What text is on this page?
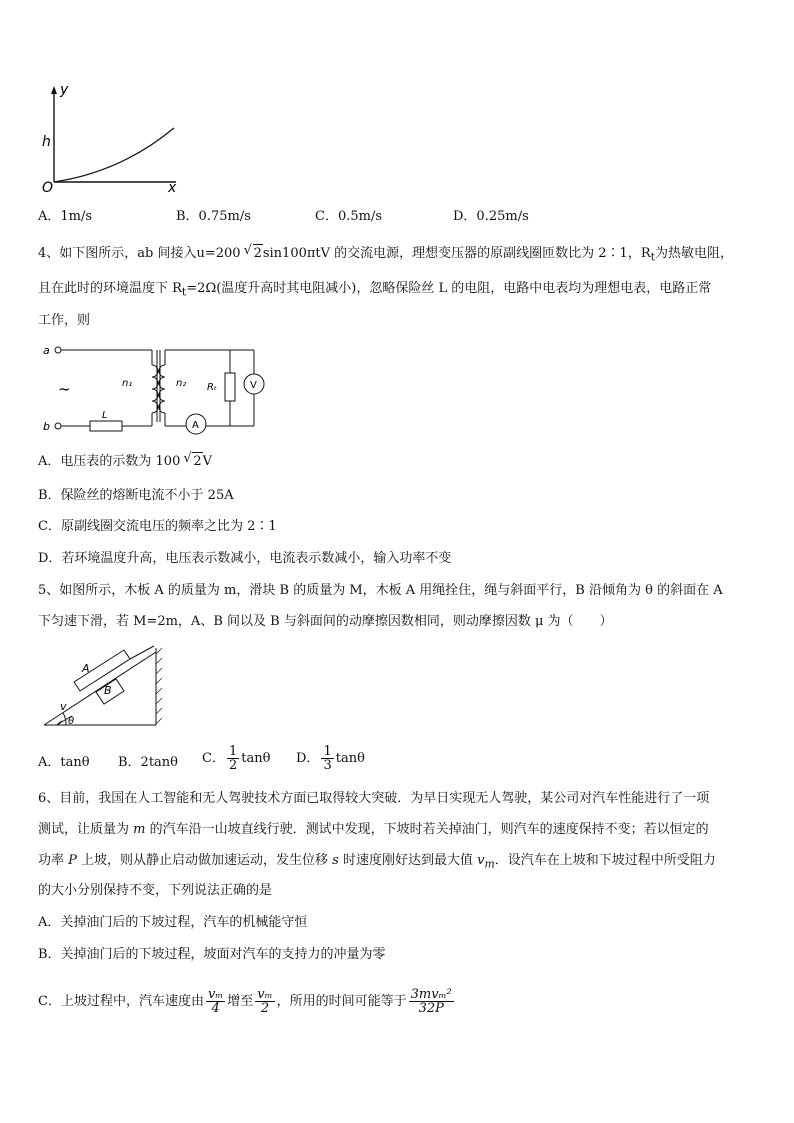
y
h
O	x
A．1m/s	B．0.75m/s	C．0.5m/s	D．0.25m/s
4、如下图所示，ab 间接入u=200 √ 2sin100πtV 的交流电源，理想变压器的原副线圈匝数比为 2∶1，$R_t$为热敏电阻，
且在此时的环境温度下 $R_t=2\Omega$(温度升高时其电阻减小)，忽略保险丝 L 的电阻，电路中电表均为理想电表，电路正常
工作，则
a
b
~	n₁	n₂ Rₜ	V
A
L
A．电压表的示数为 100 √ 2V
B．保险丝的熔断电流不小于 25A
C．原副线圈交流电压的频率之比为 2∶1
D．若环境温度升高，电压表示数减小，电流表示数减小，输入功率不变
5、如图所示，木板 A 的质量为 m，滑块 B 的质量为 M，木板 A 用绳拴住，绳与斜面平行，B 沿倾角为 θ 的斜面在 A
下匀速下滑，若 M=2m，A、B 间以及 B 与斜面间的动摩擦因数相同，则动摩擦因数 μ 为（　　）
A
B
v
θ
A．tanθ B．2tanθ C． $\frac{1}{2}$ tanθ D． $\frac{1}{3}$ tanθ
6、目前，我国在人工智能和无人驾驶技术方面已取得较大突破．为早日实现无人驾驶，某公司对汽车性能进行了一项
测试，让质量为 m 的汽车沿一山坡直线行驶．测试中发现，下坡时若关掉油门，则汽车的速度保持不变；若以恒定的
功率 P 上坡，则从静止启动做加速运动，发生位移 s 时速度刚好达到最大值 $v_m$．设汽车在上坡和下坡过程中所受阻力
的大小分别保持不变，下列说法正确的是
A．关掉油门后的下坡过程，汽车的机械能守恒
B．关掉油门后的下坡过程，坡面对汽车的支持力的冲量为零
C．上坡过程中，汽车速度由 $\frac{\text{vₘ}}{4}$ 增至 $\frac{\text{vₘ}}{2}$ ，所用的时间可能等于 $\frac{\text{3mvₘ²}}{32P}$
